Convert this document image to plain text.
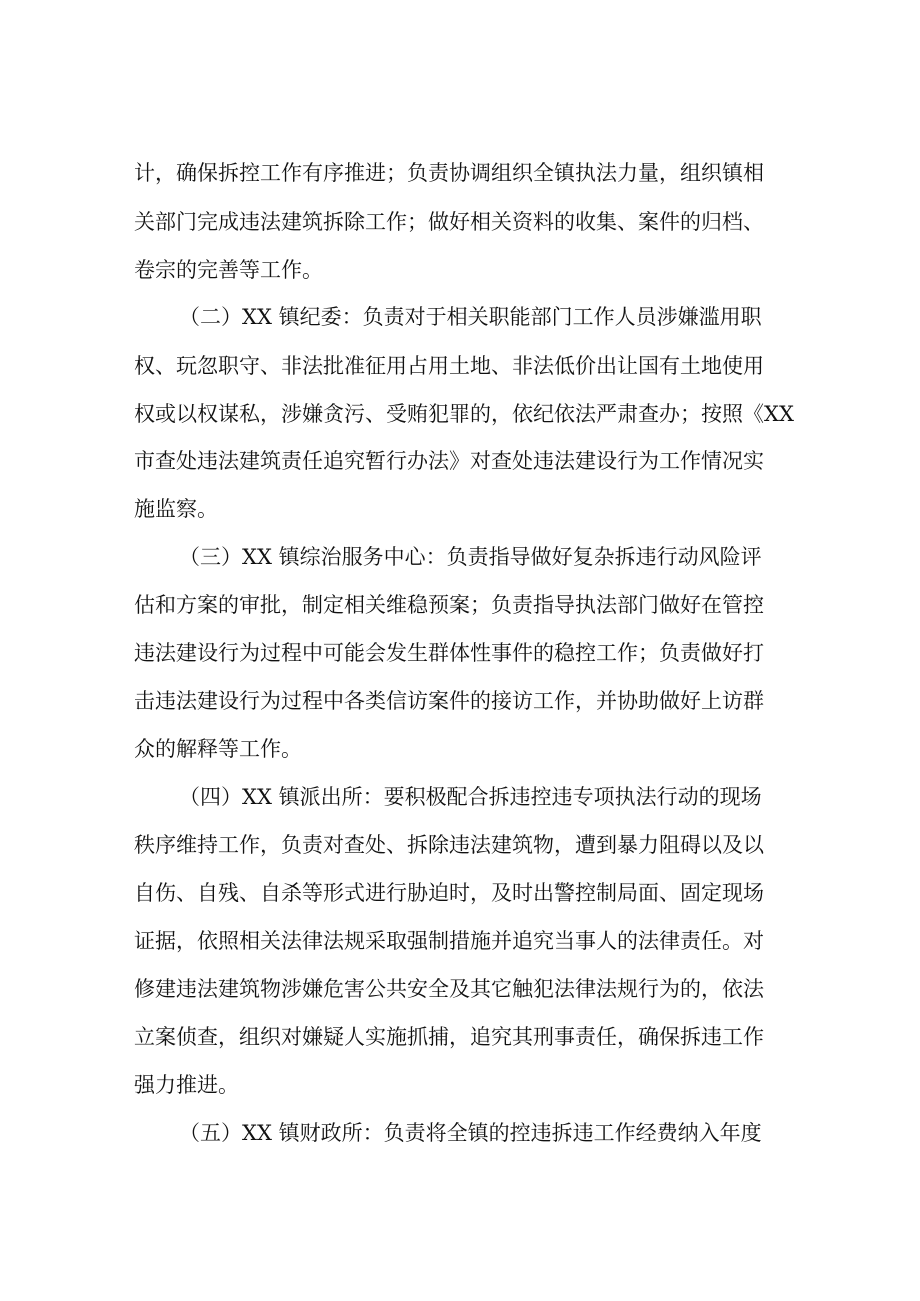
计，确保拆控工作有序推进；负责协调组织全镇执法力量，组织镇相
关部门完成违法建筑拆除工作；做好相关资料的收集、案件的归档、
卷宗的完善等工作。
（二）XX 镇纪委：负责对于相关职能部门工作人员涉嫌滥用职
权、玩忽职守、非法批准征用占用土地、非法低价出让国有土地使用
权或以权谋私，涉嫌贪污、受贿犯罪的，依纪依法严肃查办；按照《XX
市查处违法建筑责任追究暂行办法》对查处违法建设行为工作情况实
施监察。
（三）XX 镇综治服务中心：负责指导做好复杂拆违行动风险评
估和方案的审批，制定相关维稳预案；负责指导执法部门做好在管控
违法建设行为过程中可能会发生群体性事件的稳控工作；负责做好打
击违法建设行为过程中各类信访案件的接访工作，并协助做好上访群
众的解释等工作。
（四）XX 镇派出所：要积极配合拆违控违专项执法行动的现场
秩序维持工作，负责对查处、拆除违法建筑物，遭到暴力阻碍以及以
自伤、自残、自杀等形式进行胁迫时，及时出警控制局面、固定现场
证据，依照相关法律法规采取强制措施并追究当事人的法律责任。对
修建违法建筑物涉嫌危害公共安全及其它触犯法律法规行为的，依法
立案侦查，组织对嫌疑人实施抓捕，追究其刑事责任，确保拆违工作
强力推进。
（五）XX 镇财政所：负责将全镇的控违拆违工作经费纳入年度
